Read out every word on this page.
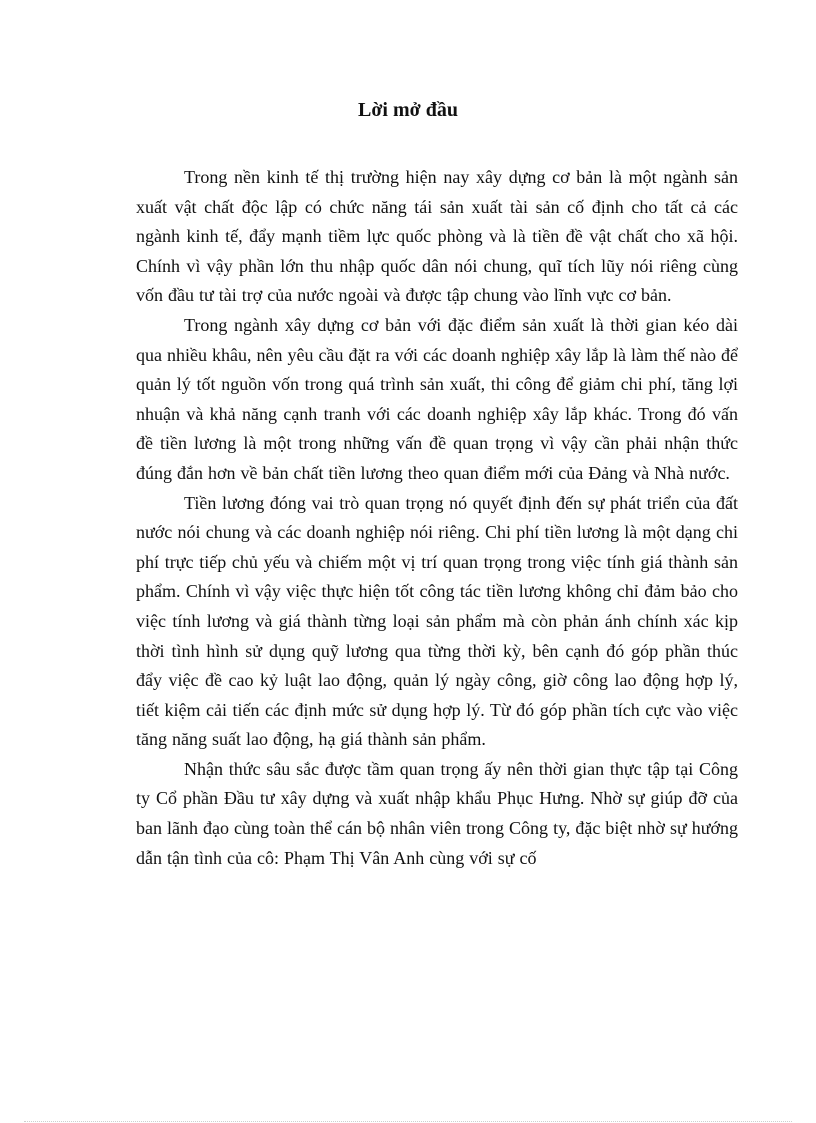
Lời mở đầu

Trong nền kinh tế thị trường hiện nay xây dựng cơ bản là một ngành sản xuất vật chất độc lập có chức năng tái sản xuất tài sản cố định cho tất cả các ngành kinh tế, đẩy mạnh tiềm lực quốc phòng và là tiền đề vật chất cho xã hội. Chính vì vậy phần lớn thu nhập quốc dân nói chung, quĩ tích lũy nói riêng cùng vốn đầu tư tài trợ của nước ngoài và được tập chung vào lĩnh vực cơ bản.

Trong ngành xây dựng cơ bản với đặc điểm sản xuất là thời gian kéo dài qua nhiều khâu, nên yêu cầu đặt ra với các doanh nghiệp xây lắp là làm thế nào để quản lý tốt nguồn vốn trong quá trình sản xuất, thi công để giảm chi phí, tăng lợi nhuận và khả năng cạnh tranh với các doanh nghiệp xây lắp khác. Trong đó vấn đề tiền lương là một trong những vấn đề quan trọng vì vậy cần phải nhận thức đúng đắn hơn về bản chất tiền lương theo quan điểm mới của Đảng và Nhà nước.

Tiền lương đóng vai trò quan trọng nó quyết định đến sự phát triển của đất nước nói chung và các doanh nghiệp nói riêng. Chi phí tiền lương là một dạng chi phí trực tiếp chủ yếu và chiếm một vị trí quan trọng trong việc tính giá thành sản phẩm. Chính vì vậy việc thực hiện tốt công tác tiền lương không chỉ đảm bảo cho việc tính lương và giá thành từng loại sản phẩm mà còn phản ánh chính xác kịp thời tình hình sử dụng quỹ lương qua từng thời kỳ, bên cạnh đó góp phần thúc đẩy việc đề cao kỷ luật lao động, quản lý ngày công, giờ công lao động hợp lý, tiết kiệm cải tiến các định mức sử dụng hợp lý. Từ đó góp phần tích cực vào việc tăng năng suất lao động, hạ giá thành sản phẩm.

Nhận thức sâu sắc được tầm quan trọng ấy nên thời gian thực tập tại Công ty Cổ phần Đầu tư xây dựng và xuất nhập khẩu Phục Hưng. Nhờ sự giúp đỡ của ban lãnh đạo cùng toàn thể cán bộ nhân viên trong Công ty, đặc biệt nhờ sự hướng dẫn tận tình của cô: Phạm Thị Vân Anh cùng với sự cố
